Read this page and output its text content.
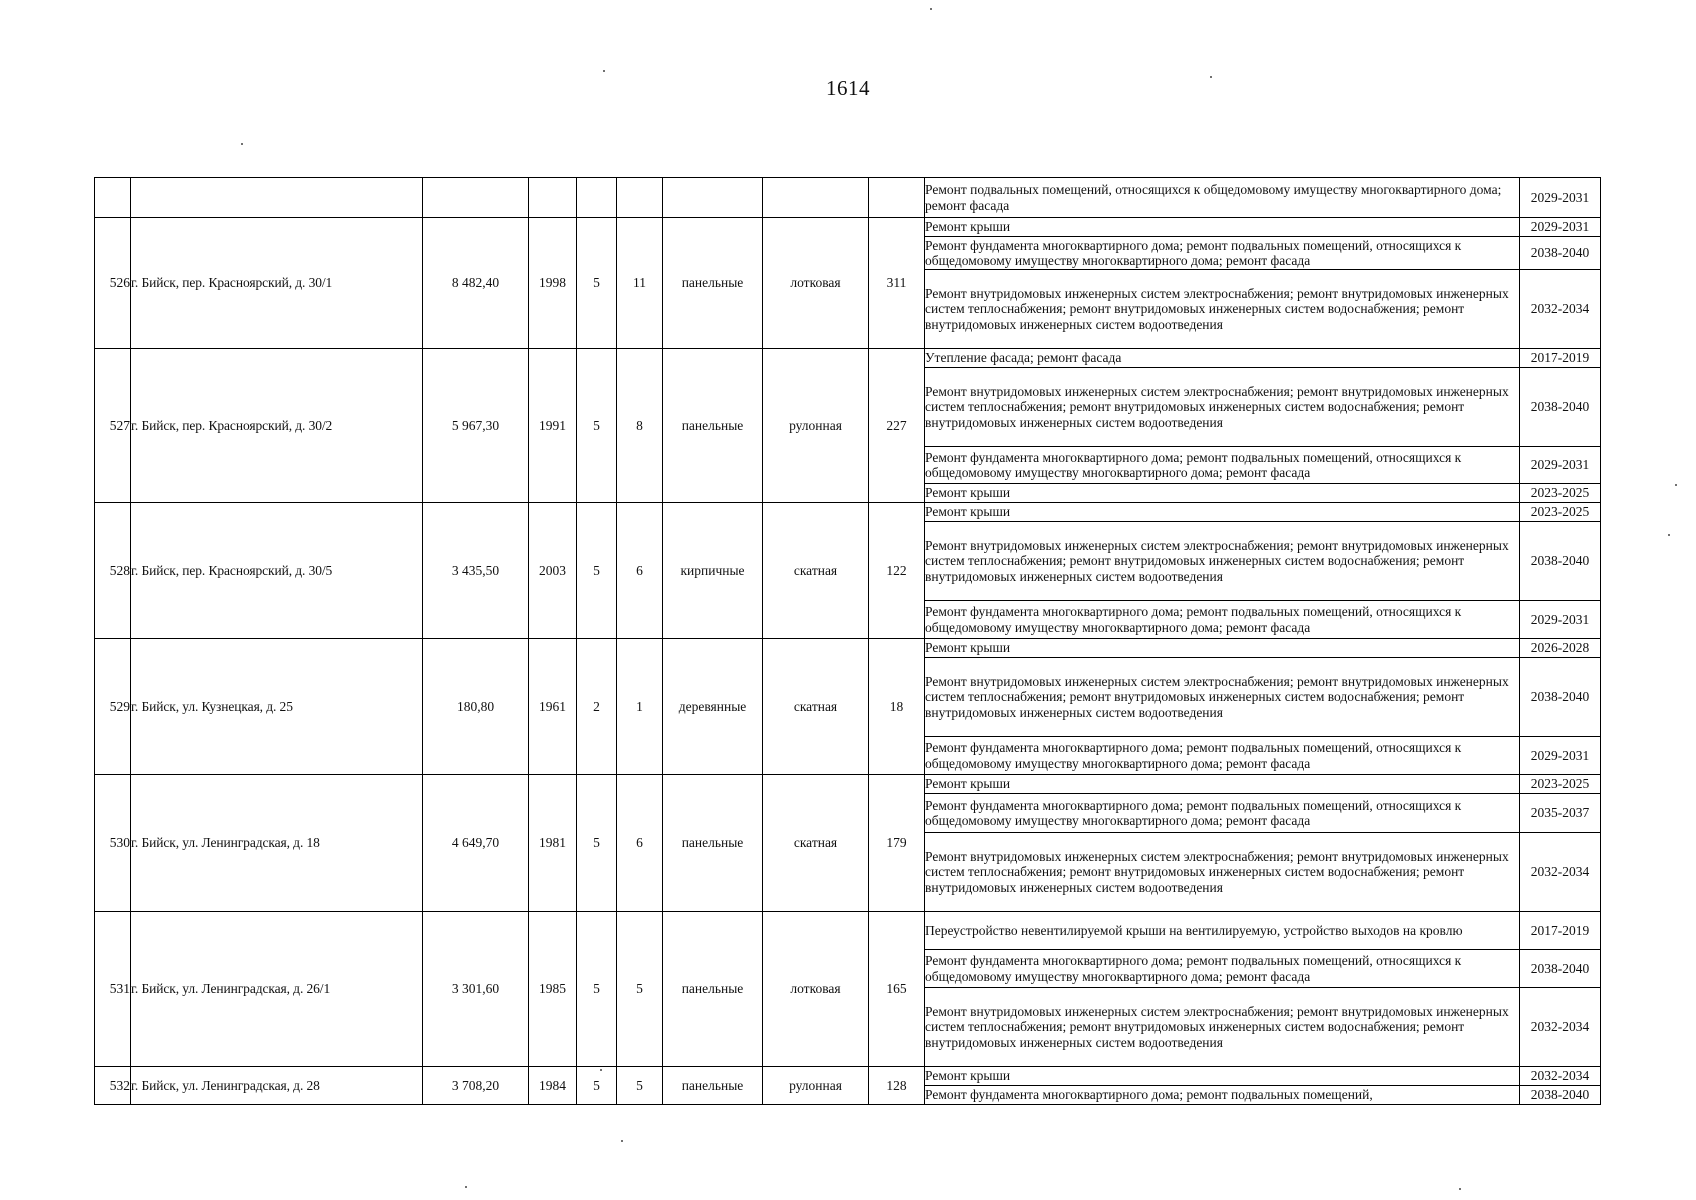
1614
									Ремонт подвальных помещений, относящихся к общедомовому имуществу многоквартирного дома; ремонт фасада	2029-2031
526	г. Бийск, пер. Красноярский, д. 30/1	8 482,40	1998	5	11	панельные	лотковая	311	Ремонт крыши	2029-2031
									Ремонт фундамента многоквартирного дома; ремонт подвальных помещений, относящихся к общедомовому имуществу многоквартирного дома; ремонт фасада	2038-2040
									Ремонт внутридомовых инженерных систем электроснабжения; ремонт внутридомовых инженерных систем теплоснабжения; ремонт внутридомовых инженерных систем водоснабжения; ремонт внутридомовых инженерных систем водоотведения	2032-2034
527	г. Бийск, пер. Красноярский, д. 30/2	5 967,30	1991	5	8	панельные	рулонная	227	Утепление фасада; ремонт фасада	2017-2019
									Ремонт внутридомовых инженерных систем электроснабжения; ремонт внутридомовых инженерных систем теплоснабжения; ремонт внутридомовых инженерных систем водоснабжения; ремонт внутридомовых инженерных систем водоотведения	2038-2040
									Ремонт фундамента многоквартирного дома; ремонт подвальных помещений, относящихся к общедомовому имуществу многоквартирного дома; ремонт фасада	2029-2031
									Ремонт крыши	2023-2025
528	г. Бийск, пер. Красноярский, д. 30/5	3 435,50	2003	5	6	кирпичные	скатная	122	Ремонт крыши	2023-2025
									Ремонт внутридомовых инженерных систем электроснабжения; ремонт внутридомовых инженерных систем теплоснабжения; ремонт внутридомовых инженерных систем водоснабжения; ремонт внутридомовых инженерных систем водоотведения	2038-2040
									Ремонт фундамента многоквартирного дома; ремонт подвальных помещений, относящихся к общедомовому имуществу многоквартирного дома; ремонт фасада	2029-2031
529	г. Бийск, ул. Кузнецкая, д. 25	180,80	1961	2	1	деревянные	скатная	18	Ремонт крыши	2026-2028
									Ремонт внутридомовых инженерных систем электроснабжения; ремонт внутридомовых инженерных систем теплоснабжения; ремонт внутридомовых инженерных систем водоснабжения; ремонт внутридомовых инженерных систем водоотведения	2038-2040
									Ремонт фундамента многоквартирного дома; ремонт подвальных помещений, относящихся к общедомовому имуществу многоквартирного дома; ремонт фасада	2029-2031
530	г. Бийск, ул. Ленинградская, д. 18	4 649,70	1981	5	6	панельные	скатная	179	Ремонт крыши	2023-2025
									Ремонт фундамента многоквартирного дома; ремонт подвальных помещений, относящихся к общедомовому имуществу многоквартирного дома; ремонт фасада	2035-2037
									Ремонт внутридомовых инженерных систем электроснабжения; ремонт внутридомовых инженерных систем теплоснабжения; ремонт внутридомовых инженерных систем водоснабжения; ремонт внутридомовых инженерных систем водоотведения	2032-2034
531	г. Бийск, ул. Ленинградская, д. 26/1	3 301,60	1985	5	5	панельные	лотковая	165	Переустройство невентилируемой крыши на вентилируемую, устройство выходов на кровлю	2017-2019
									Ремонт фундамента многоквартирного дома; ремонт подвальных помещений, относящихся к общедомовому имуществу многоквартирного дома; ремонт фасада	2038-2040
									Ремонт внутридомовых инженерных систем электроснабжения; ремонт внутридомовых инженерных систем теплоснабжения; ремонт внутридомовых инженерных систем водоснабжения; ремонт внутридомовых инженерных систем водоотведения	2032-2034
532	г. Бийск, ул. Ленинградская, д. 28	3 708,20	1984	5	5	панельные	рулонная	128	Ремонт крыши	2032-2034
									Ремонт фундамента многоквартирного дома; ремонт подвальных помещений,	2038-2040
